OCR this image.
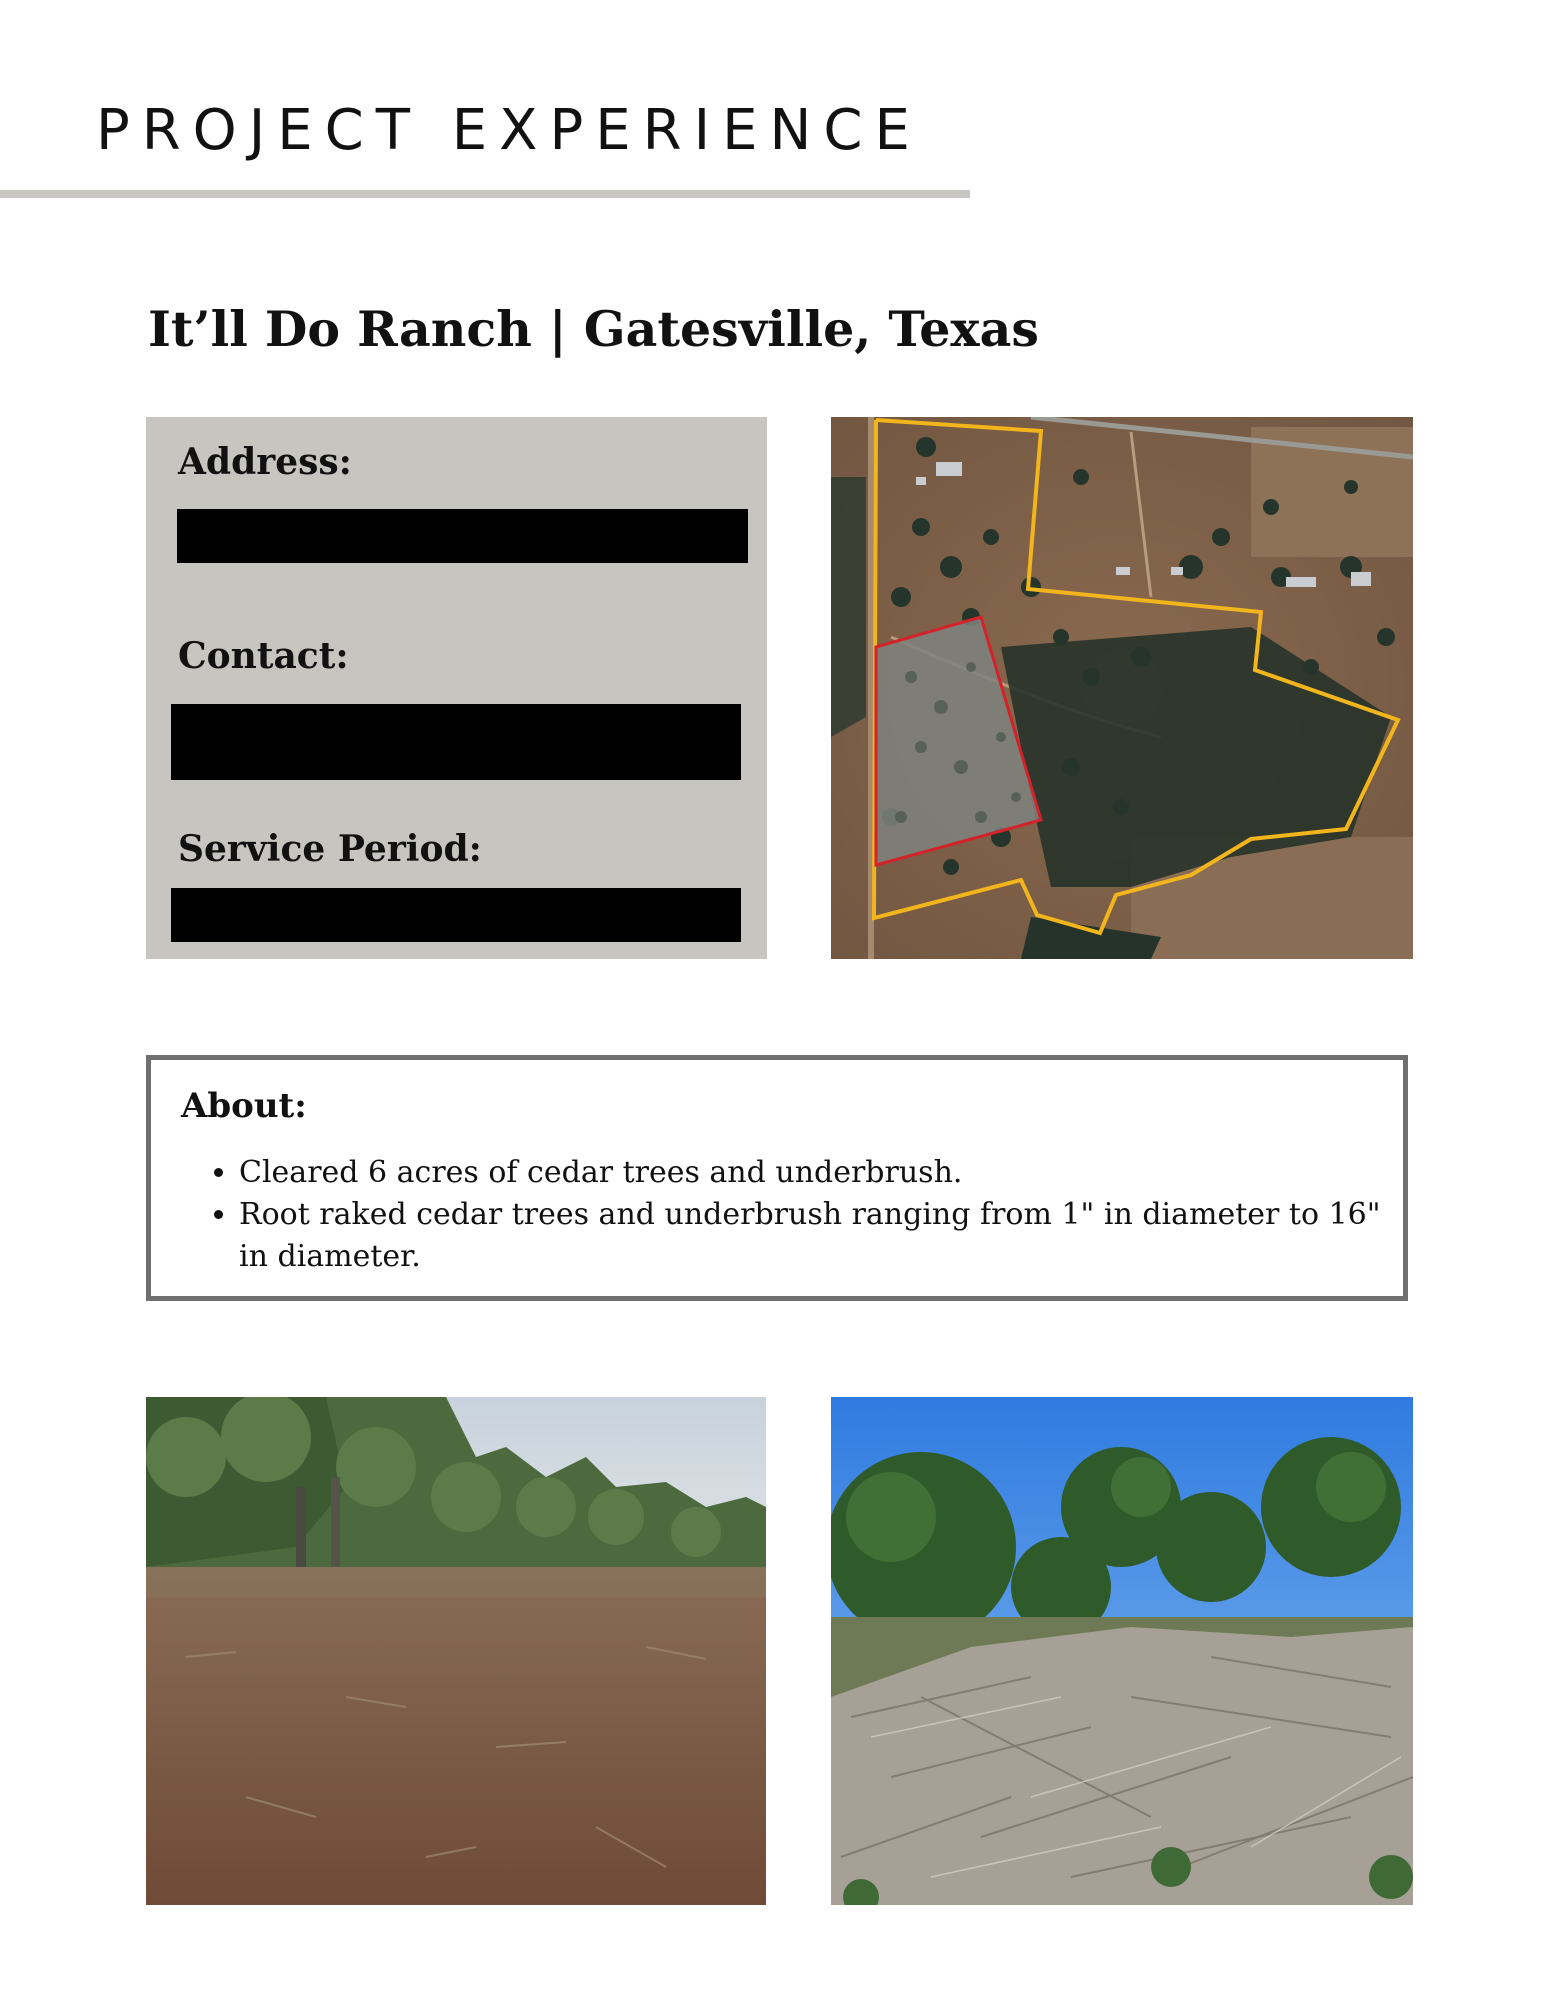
PROJECT EXPERIENCE
It’ll Do Ranch | Gatesville, Texas
Address:
Contact:
Service Period:
About:
• Cleared 6 acres of cedar trees and underbrush.
• Root raked cedar trees and underbrush ranging from 1" in diameter to 16" in diameter.
